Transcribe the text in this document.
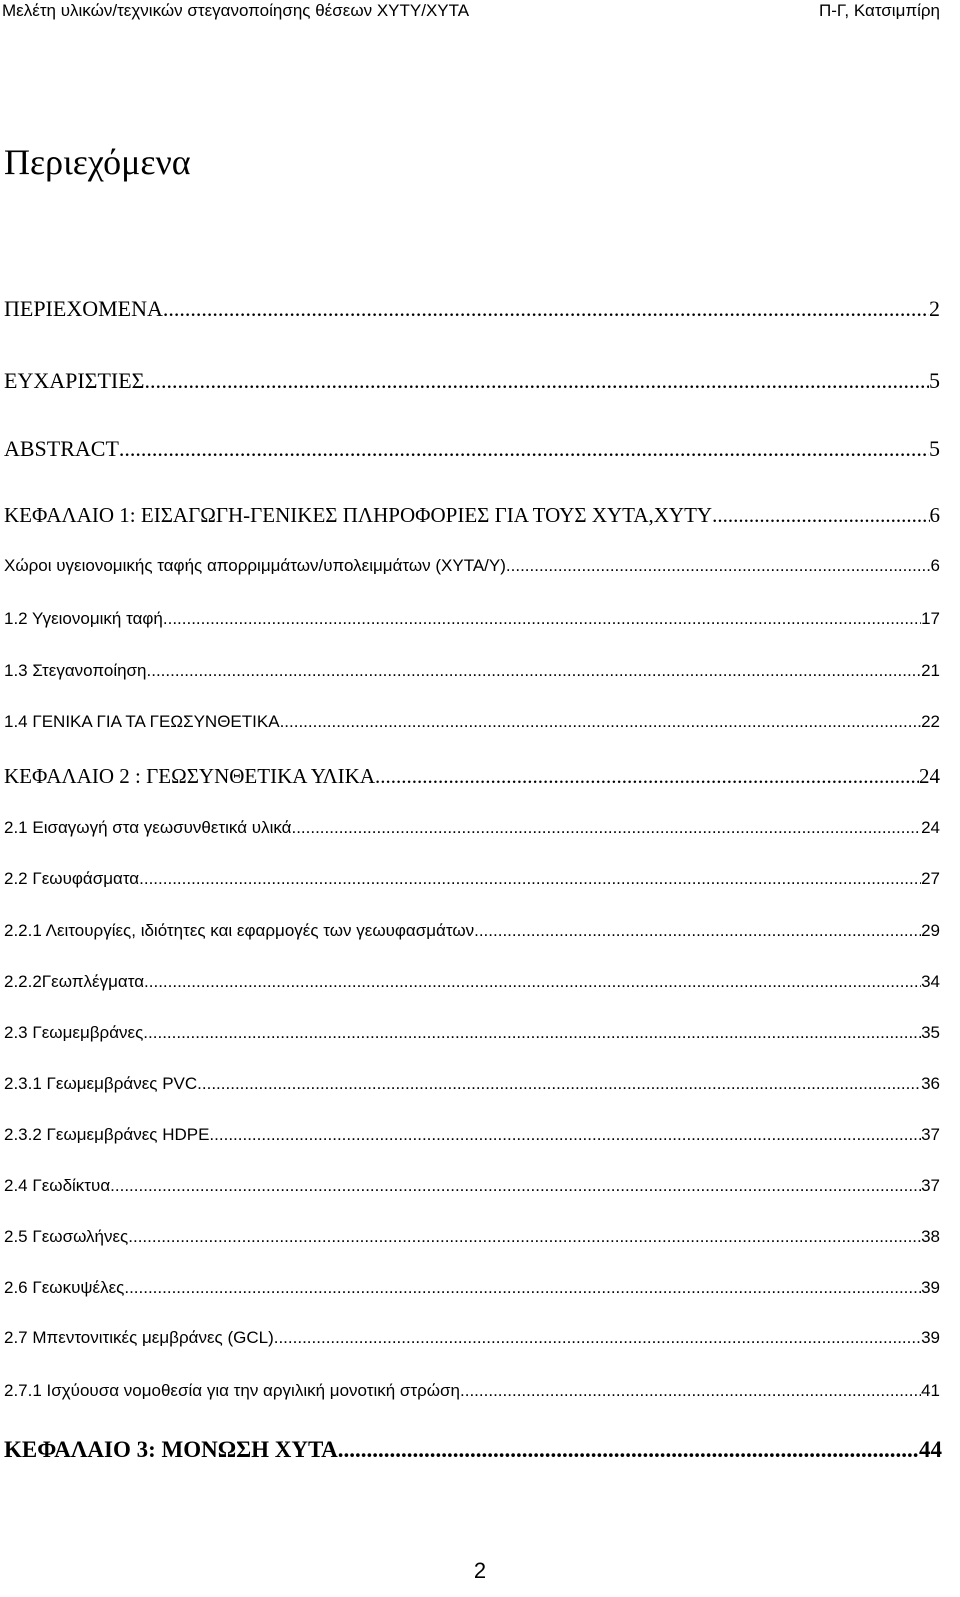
Μελέτη υλικών/τεχνικών στεγανοποίησης θέσεων ΧΥΤΥ/ΧΥΤΑ	Π-Γ, Κατσιμπίρη
Περιεχόμενα
ΠΕΡΙΕΧΟΜΕΝΑ .....	2
ΕΥΧΑΡΙΣΤΙΕΣ .....	5
ABSTRACT .....	5
ΚΕΦΑΛΑΙΟ 1: ΕΙΣΑΓΩΓΗ-ΓΕΝΙΚΕΣ ΠΛΗΡΟΦΟΡΙΕΣ ΓΙΑ ΤΟΥΣ ΧΥΤΑ,ΧΥΤΥ .....	6
Χώροι υγειονομικής ταφής απορριμμάτων/υπολειμμάτων (ΧΥΤΑ/Υ) .....	6
1.2 Υγειονομική ταφή .....	17
1.3 Στεγανοποίηση .....	21
1.4 ΓΕΝΙΚΑ ΓΙΑ ΤΑ ΓΕΩΣΥΝΘΕΤΙΚΑ .....	22
ΚΕΦΑΛΑΙΟ 2 : ΓΕΩΣΥΝΘΕΤΙΚΑ ΥΛΙΚΑ .....	24
2.1 Εισαγωγή στα γεωσυνθετικά υλικά .....	24
2.2 Γεωυφάσματα .....	27
2.2.1 Λειτουργίες, ιδιότητες και εφαρμογές των γεωυφασμάτων .....	29
2.2.2Γεωπλέγματα .....	34
2.3 Γεωμεμβράνες .....	35
2.3.1 Γεωμεμβράνες PVC .....	36
2.3.2 Γεωμεμβράνες HDPE .....	37
2.4 Γεωδίκτυα .....	37
2.5 Γεωσωλήνες .....	38
2.6 Γεωκυψέλες .....	39
2.7 Μπεντονιτικές μεμβράνες (GCL) .....	39
2.7.1 Ισχύουσα νομοθεσία για την αργιλική μονοτική στρώση .....	41
ΚΕΦΑΛΑΙΟ 3: ΜΟΝΩΣΗ ΧΥΤΑ .....	44
2
